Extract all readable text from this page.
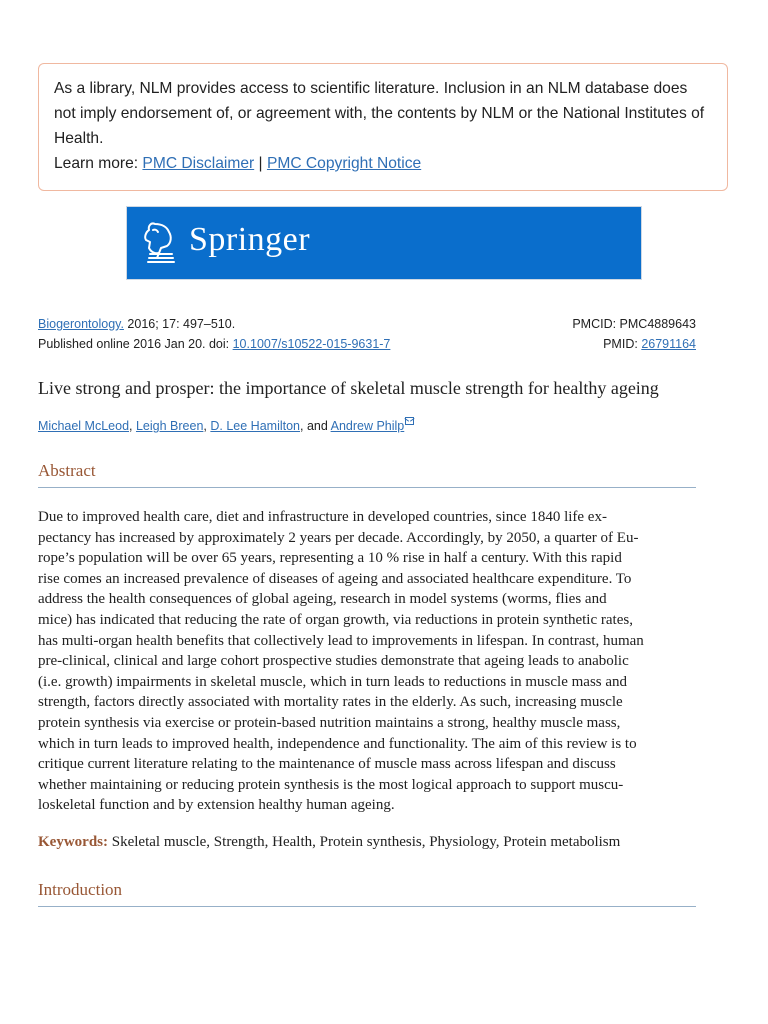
As a library, NLM provides access to scientific literature. Inclusion in an NLM database does not imply endorsement of, or agreement with, the contents by NLM or the National Institutes of Health.

Learn more: PMC Disclaimer | PMC Copyright Notice

Springer
Biogerontology. 2016; 17: 497–510.	PMCID: PMC4889643
Published online 2016 Jan 20. doi: 10.1007/s10522-015-9631-7	PMID: 26791164
Live strong and prosper: the importance of skeletal muscle strength for healthy ageing
Michael McLeod, Leigh Breen, D. Lee Hamilton, and Andrew Philp
Abstract

Due to improved health care, diet and infrastructure in developed countries, since 1840 life ex-
pectancy has increased by approximately 2 years per decade. Accordingly, by 2050, a quarter of Eu-
rope’s population will be over 65 years, representing a 10 % rise in half a century. With this rapid
rise comes an increased prevalence of diseases of ageing and associated healthcare expenditure. To
address the health consequences of global ageing, research in model systems (worms, flies and
mice) has indicated that reducing the rate of organ growth, via reductions in protein synthetic rates,
has multi-organ health benefits that collectively lead to improvements in lifespan. In contrast, human
pre-clinical, clinical and large cohort prospective studies demonstrate that ageing leads to anabolic
(i.e. growth) impairments in skeletal muscle, which in turn leads to reductions in muscle mass and
strength, factors directly associated with mortality rates in the elderly. As such, increasing muscle
protein synthesis via exercise or protein-based nutrition maintains a strong, healthy muscle mass,
which in turn leads to improved health, independence and functionality. The aim of this review is to
critique current literature relating to the maintenance of muscle mass across lifespan and discuss
whether maintaining or reducing protein synthesis is the most logical approach to support muscu-
loskeletal function and by extension healthy human ageing.

Keywords: Skeletal muscle, Strength, Health, Protein synthesis, Physiology, Protein metabolism
Introduction
